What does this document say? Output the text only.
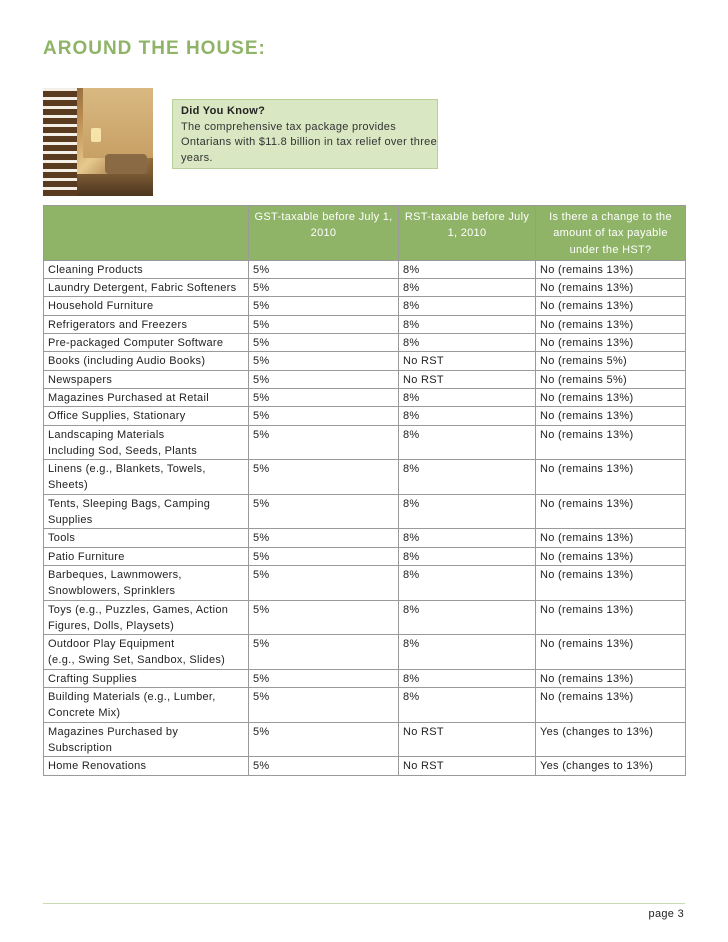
AROUND THE HOUSE:
Did You Know?
The comprehensive tax package provides Ontarians with $11.8 billion in tax relief over three years.
	GST-taxable before July 1, 2010	RST-taxable before July 1, 2010	Is there a change to the amount of tax payable under the HST?
Cleaning Products	5%	8%	No (remains 13%)
Laundry Detergent, Fabric Softeners	5%	8%	No (remains 13%)
Household Furniture	5%	8%	No (remains 13%)
Refrigerators and Freezers	5%	8%	No (remains 13%)
Pre-packaged Computer Software	5%	8%	No (remains 13%)
Books (including Audio Books)	5%	No RST	No (remains 5%)
Newspapers	5%	No RST	No (remains 5%)
Magazines Purchased at Retail	5%	8%	No (remains 13%)
Office Supplies, Stationary	5%	8%	No (remains 13%)
Landscaping Materials
Including Sod, Seeds, Plants	5%	8%	No (remains 13%)
Linens (e.g., Blankets, Towels, Sheets)	5%	8%	No (remains 13%)
Tents, Sleeping Bags, Camping Supplies	5%	8%	No (remains 13%)
Tools	5%	8%	No (remains 13%)
Patio Furniture	5%	8%	No (remains 13%)
Barbeques, Lawnmowers, Snowblowers, Sprinklers	5%	8%	No (remains 13%)
Toys (e.g., Puzzles, Games, Action Figures, Dolls, Playsets)	5%	8%	No (remains 13%)
Outdoor Play Equipment
(e.g., Swing Set, Sandbox, Slides)	5%	8%	No (remains 13%)
Crafting Supplies	5%	8%	No (remains 13%)
Building Materials (e.g., Lumber, Concrete Mix)	5%	8%	No (remains 13%)
Magazines Purchased by Subscription	5%	No RST	Yes (changes to 13%)
Home Renovations	5%	No RST	Yes (changes to 13%)
page 3
